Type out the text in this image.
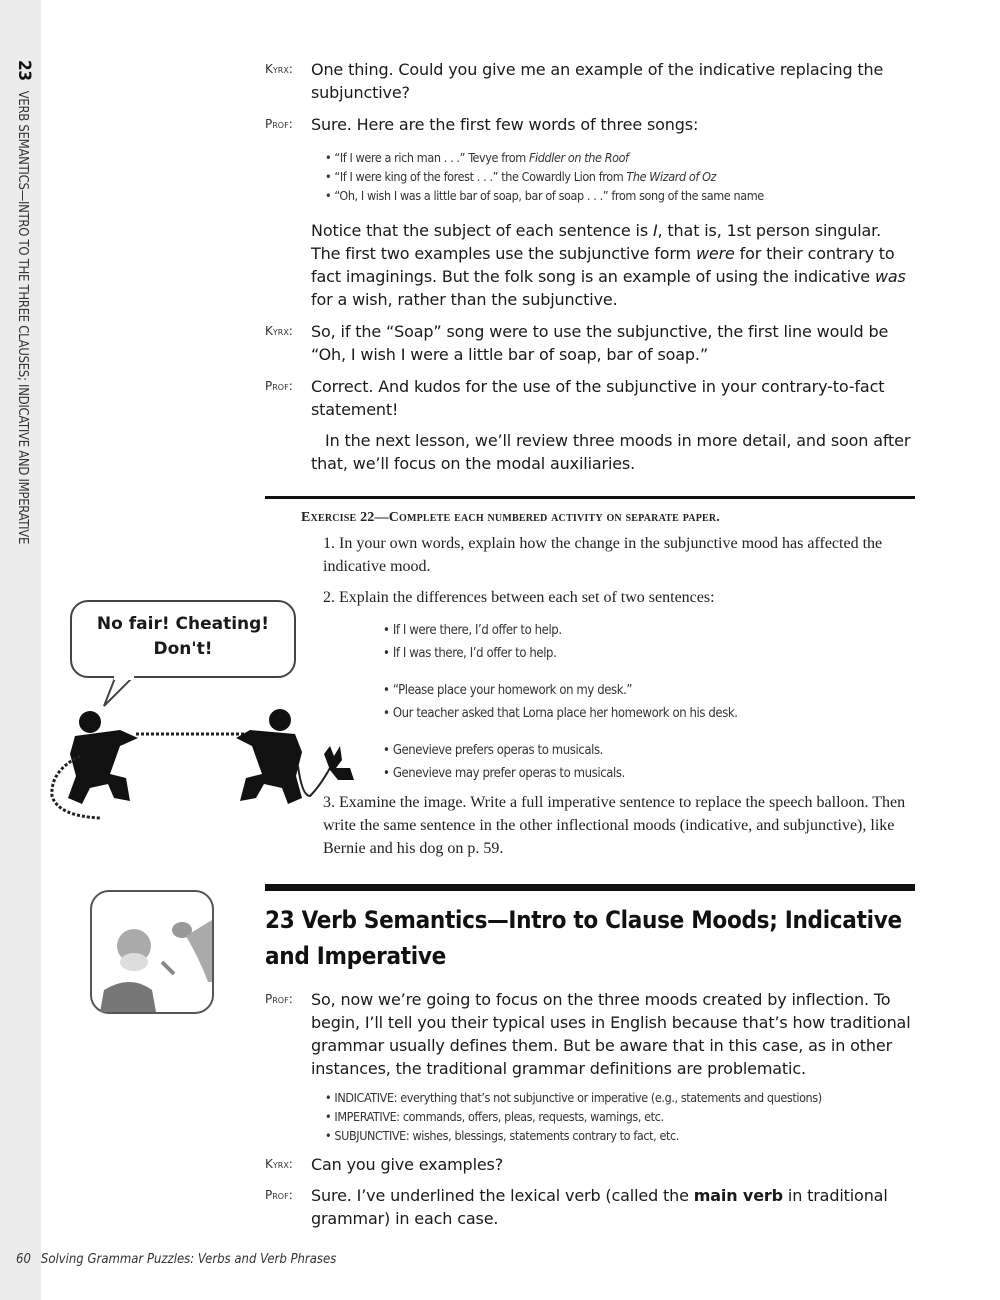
23VERB SEMANTICS—INTRO TO THE THREE CLAUSES; INDICATIVE AND IMPERATIVE
Kyrx: One thing. Could you give me an example of the indicative replacing the subjunctive?
Prof: Sure. Here are the first few words of three songs:
• “If I were a rich man . . .” Tevye from Fiddler on the Roof
• “If I were king of the forest . . .” the Cowardly Lion from The Wizard of Oz
• “Oh, I wish I was a little bar of soap, bar of soap . . .” from song of the same name
Notice that the subject of each sentence is I, that is, 1st person singular. The first two examples use the subjunctive form were for their contrary to fact imaginings. But the folk song is an example of using the indicative was for a wish, rather than the subjunctive.
Kyrx: So, if the “Soap” song were to use the subjunctive, the first line would be “Oh, I wish I were a little bar of soap, bar of soap.”
Prof: Correct. And kudos for the use of the subjunctive in your contrary-to-fact statement!
In the next lesson, we’ll review three moods in more detail, and soon after that, we’ll focus on the modal auxiliaries.
Exercise 22—Complete each numbered activity on separate paper.
1. In your own words, explain how the change in the subjunctive mood has affected the indicative mood.
2. Explain the differences between each set of two sentences:
• If I were there, I’d offer to help.
• If I was there, I’d offer to help.
• “Please place your homework on my desk.”
• Our teacher asked that Lorna place her homework on his desk.
• Genevieve prefers operas to musicals.
• Genevieve may prefer operas to musicals.
3. Examine the image. Write a full imperative sentence to replace the speech balloon. Then write the same sentence in the other inflectional moods (indicative, and subjunctive), like Bernie and his dog on p. 59.
No fair! Cheating!
Don't!
23 Verb Semantics—Intro to Clause Moods; Indicative and Imperative
Prof: So, now we’re going to focus on the three moods created by inflection. To begin, I’ll tell you their typical uses in English because that’s how traditional grammar usually defines them. But be aware that in this case, as in other instances, the traditional grammar definitions are problematic.
• INDICATIVE: everything that’s not subjunctive or imperative (e.g., statements and questions)
• IMPERATIVE: commands, offers, pleas, requests, warnings, etc.
• SUBJUNCTIVE: wishes, blessings, statements contrary to fact, etc.
Kyrx: Can you give examples?
Prof: Sure. I’ve underlined the lexical verb (called the main verb in traditional grammar) in each case.
60 Solving Grammar Puzzles: Verbs and Verb Phrases
